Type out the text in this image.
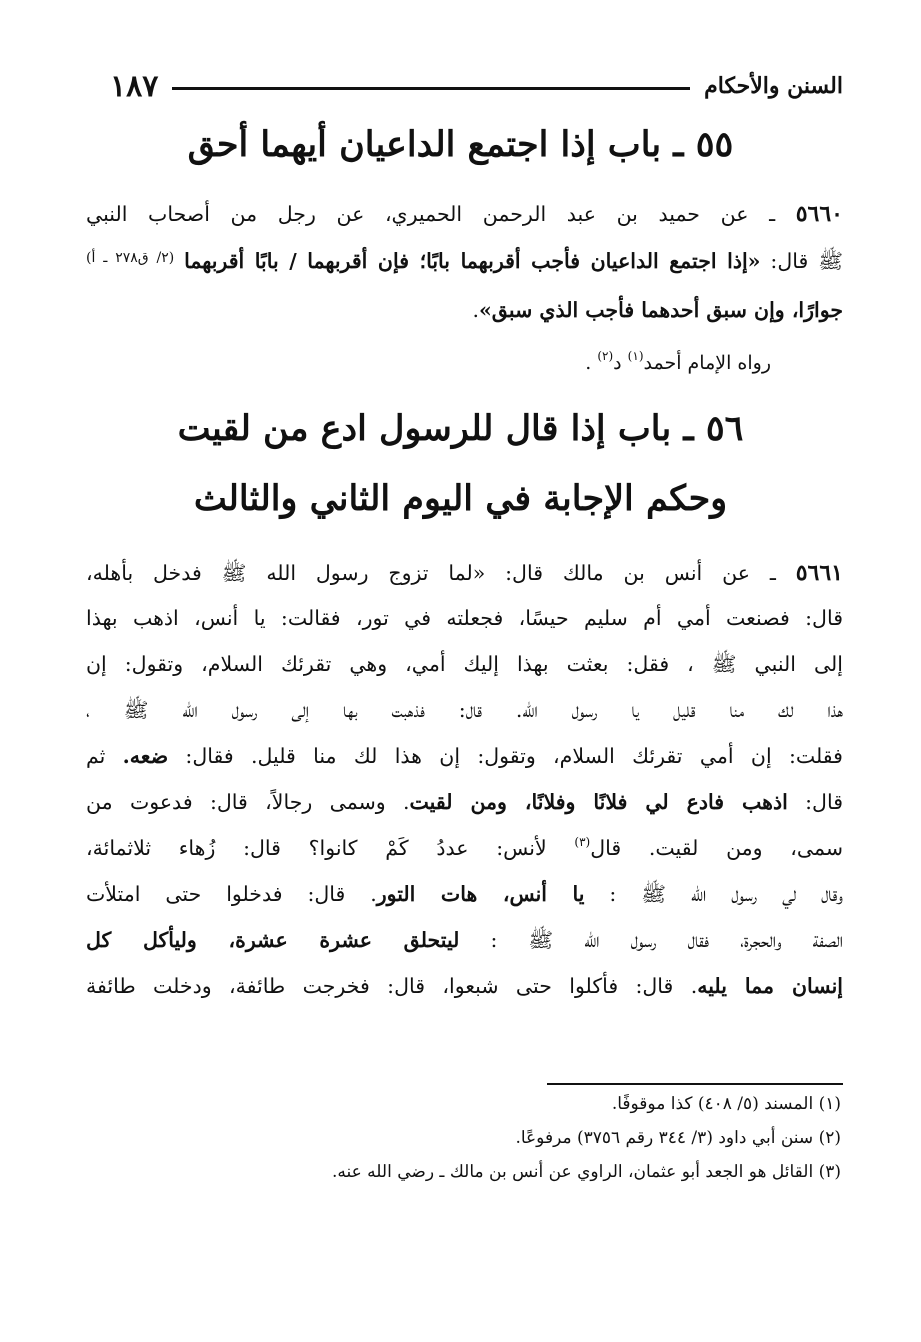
١٨٧	السنن والأحكام
٥٥ ـ باب إذا اجتمع الداعيان أيهما أحق
٥٦٦٠ ـ عن حميد بن عبد الرحمن الحميري، عن رجل من أصحاب النبي
ﷺ قال: «إذا اجتمع الداعيان فأجب أقربهما بابًا؛ فإن أقربهما / بابًا أقربهما $^{(٢/ ق٢٧٨ ـ أ)}$
جوارًا، وإن سبق أحدهما فأجب الذي سبق».
رواه الإمام أحمد$^{(١)}$ د$^{(٢)}$ .
٥٦ ـ باب إذا قال للرسول ادع من لقيت
وحكم الإجابة في اليوم الثاني والثالث
٥٦٦١ ـ عن أنس بن مالك قال: «لما تزوج رسول الله ﷺ فدخل بأهله،
قال: فصنعت أمي أم سليم حيسًا، فجعلته في تور، فقالت: يا أنس، اذهب بهذا
إلى النبي ﷺ ، فقل: بعثت بهذا إليك أمي، وهي تقرئك السلام، وتقول: إن
هذا لك منا قليل يا رسول الله. قال: فذهبت بها إلى رسول الله ﷺ ،
فقلت: إن أمي تقرئك السلام، وتقول: إن هذا لك منا قليل. فقال: ضعه. ثم
قال: اذهب فادع لي فلانًا وفلانًا، ومن لقيت. وسمى رجالاً، قال: فدعوت من
سمى، ومن لقيت. قال$^{(٣)}$ لأنس: عددُ كَمْ كانوا؟ قال: زُهاء ثلاثمائة،
وقال لي رسول الله ﷺ : يا أنس، هات التور. قال: فدخلوا حتى امتلأت
الصفة والحجرة، فقال رسول الله ﷺ : ليتحلق عشرة عشرة، وليأكل كل
إنسان مما يليه. قال: فأكلوا حتى شبعوا، قال: فخرجت طائفة، ودخلت طائفة
(١) المسند (٥/ ٤٠٨) كذا موقوفًا.
(٢) سنن أبي داود (٣/ ٣٤٤ رقم ٣٧٥٦) مرفوعًا.
(٣) القائل هو الجعد أبو عثمان، الراوي عن أنس بن مالك ـ رضي الله عنه.
